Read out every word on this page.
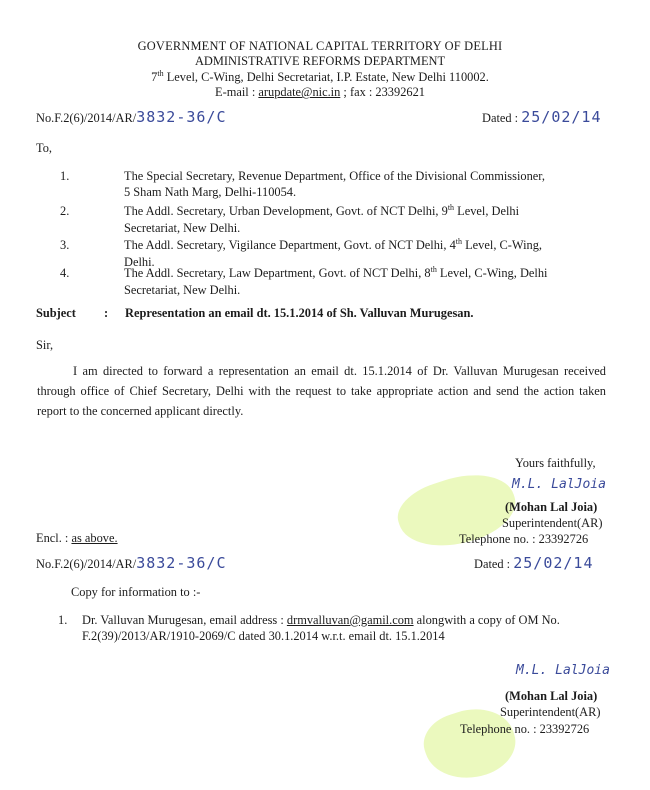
GOVERNMENT OF NATIONAL CAPITAL TERRITORY OF DELHI
ADMINISTRATIVE REFORMS DEPARTMENT
7th Level, C-Wing, Delhi Secretariat, I.P. Estate, New Delhi 110002.
E-mail : arupdate@nic.in ; fax : 23392621
No.F.2(6)/2014/AR/3832-36/C	Dated : 25/02/14
To,
1.	The Special Secretary, Revenue Department, Office of the Divisional Commissioner,
5 Sham Nath Marg, Delhi-110054.
2.	The Addl. Secretary, Urban Development, Govt. of NCT Delhi, 9th Level, Delhi
Secretariat, New Delhi.
3.	The Addl. Secretary, Vigilance Department, Govt. of NCT Delhi, 4th Level, C-Wing,
Delhi.
4.	The Addl. Secretary, Law Department, Govt. of NCT Delhi, 8th Level, C-Wing, Delhi
Secretariat, New Delhi.
Subject : Representation an email dt. 15.1.2014 of Sh. Valluvan Murugesan.
Sir,
I am directed to forward a representation an email dt. 15.1.2014 of Dr. Valluvan Murugesan received through office of Chief Secretary, Delhi with the request to take appropriate action and send the action taken report to the concerned applicant directly.
Yours faithfully,
M.L. LalJoia
(Mohan Lal Joia)
Superintendent(AR)
Telephone no. : 23392726
Encl. : as above.
No.F.2(6)/2014/AR/3832-36/C	Dated : 25/02/14
Copy for information to :-
1. Dr. Valluvan Murugesan, email address : drmvalluvan@gamil.com alongwith a copy of OM No.
F.2(39)/2013/AR/1910-2069/C dated 30.1.2014 w.r.t. email dt. 15.1.2014
M.L. LalJoia
(Mohan Lal Joia)
Superintendent(AR)
Telephone no. : 23392726
